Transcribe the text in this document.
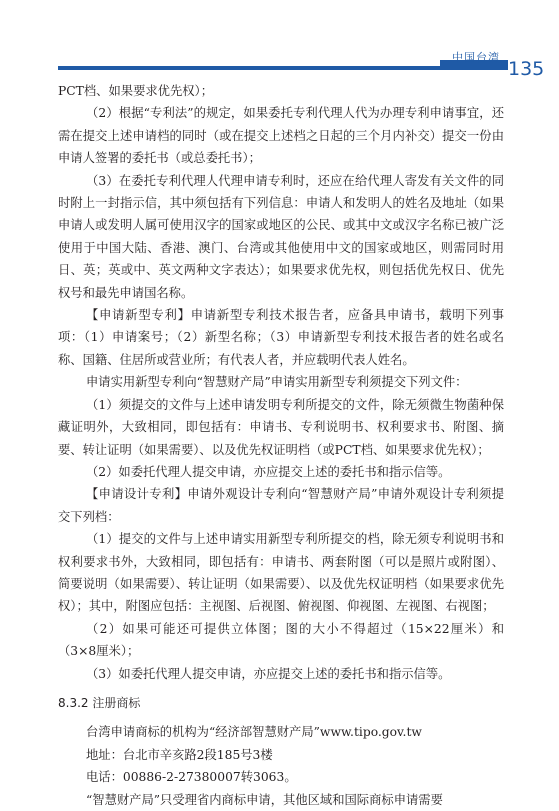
中国台湾
135

PCT档、如果要求优先权）；

（2）根据“专利法”的规定，如果委托专利代理人代为办理专利申请事宜，还需在提交上述申请档的同时（或在提交上述档之日起的三个月内补交）提交一份由申请人签署的委托书（或总委托书）；

（3）在委托专利代理人代理申请专利时，还应在给代理人寄发有关文件的同时附上一封指示信，其中须包括有下列信息：申请人和发明人的姓名及地址（如果申请人或发明人属可使用汉字的国家或地区的公民、或其中文或汉字名称已被广泛使用于中国大陆、香港、澳门、台湾或其他使用中文的国家或地区，则需同时用日、英；英或中、英文两种文字表达）；如果要求优先权，则包括优先权日、优先权号和最先申请国名称。

【申请新型专利】申请新型专利技术报告者，应备具申请书，载明下列事项：（1）申请案号；（2）新型名称；（3）申请新型专利技术报告者的姓名或名称、国籍、住居所或营业所；有代表人者，并应载明代表人姓名。

申请实用新型专利向“智慧财产局”申请实用新型专利须提交下列文件：

（1）须提交的文件与上述申请发明专利所提交的文件，除无须微生物菌种保藏证明外，大致相同，即包括有：申请书、专利说明书、权利要求书、附图、摘要、转让证明（如果需要）、以及优先权证明档（或PCT档、如果要求优先权）；

（2）如委托代理人提交申请，亦应提交上述的委托书和指示信等。

【申请设计专利】申请外观设计专利向“智慧财产局”申请外观设计专利须提交下列档：

（1）提交的文件与上述申请实用新型专利所提交的档，除无须专利说明书和权利要求书外，大致相同，即包括有：申请书、两套附图（可以是照片或附图）、简要说明（如果需要）、转让证明（如果需要）、以及优先权证明档（如果要求优先权）；其中，附图应包括：主视图、后视图、俯视图、仰视图、左视图、右视图；

（2）如果可能还可提供立体图；图的大小不得超过（15×22厘米）和（3×8厘米）；

（3）如委托代理人提交申请，亦应提交上述的委托书和指示信等。

8.3.2 注册商标

台湾申请商标的机构为“经济部智慧财产局”www.tipo.gov.tw

地址：台北市辛亥路2段185号3楼

电话：00886-2-27380007转3063。

“智慧财产局”只受理省内商标申请，其他区域和国际商标申请需要
